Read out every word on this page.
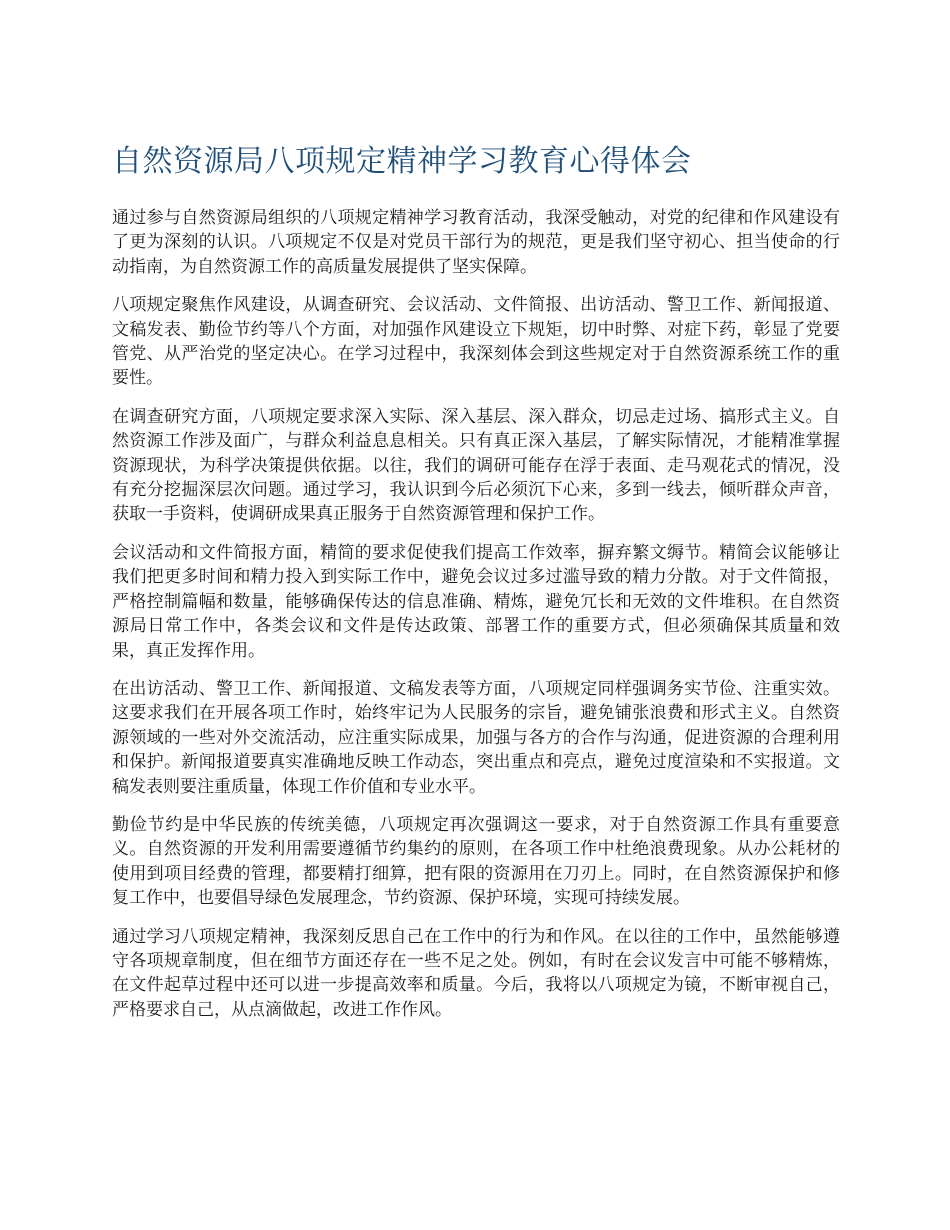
自然资源局八项规定精神学习教育心得体会

通过参与自然资源局组织的八项规定精神学习教育活动，我深受触动，对党的纪律和作风建设有了更为深刻的认识。八项规定不仅是对党员干部行为的规范，更是我们坚守初心、担当使命的行动指南，为自然资源工作的高质量发展提供了坚实保障。

八项规定聚焦作风建设，从调查研究、会议活动、文件简报、出访活动、警卫工作、新闻报道、文稿发表、勤俭节约等八个方面，对加强作风建设立下规矩，切中时弊、对症下药，彰显了党要管党、从严治党的坚定决心。在学习过程中，我深刻体会到这些规定对于自然资源系统工作的重要性。

在调查研究方面，八项规定要求深入实际、深入基层、深入群众，切忌走过场、搞形式主义。自然资源工作涉及面广，与群众利益息息相关。只有真正深入基层，了解实际情况，才能精准掌握资源现状，为科学决策提供依据。以往，我们的调研可能存在浮于表面、走马观花式的情况，没有充分挖掘深层次问题。通过学习，我认识到今后必须沉下心来，多到一线去，倾听群众声音，获取一手资料，使调研成果真正服务于自然资源管理和保护工作。

会议活动和文件简报方面，精简的要求促使我们提高工作效率，摒弃繁文缛节。精简会议能够让我们把更多时间和精力投入到实际工作中，避免会议过多过滥导致的精力分散。对于文件简报，严格控制篇幅和数量，能够确保传达的信息准确、精炼，避免冗长和无效的文件堆积。在自然资源局日常工作中，各类会议和文件是传达政策、部署工作的重要方式，但必须确保其质量和效果，真正发挥作用。

在出访活动、警卫工作、新闻报道、文稿发表等方面，八项规定同样强调务实节俭、注重实效。这要求我们在开展各项工作时，始终牢记为人民服务的宗旨，避免铺张浪费和形式主义。自然资源领域的一些对外交流活动，应注重实际成果，加强与各方的合作与沟通，促进资源的合理利用和保护。新闻报道要真实准确地反映工作动态，突出重点和亮点，避免过度渲染和不实报道。文稿发表则要注重质量，体现工作价值和专业水平。

勤俭节约是中华民族的传统美德，八项规定再次强调这一要求，对于自然资源工作具有重要意义。自然资源的开发利用需要遵循节约集约的原则，在各项工作中杜绝浪费现象。从办公耗材的使用到项目经费的管理，都要精打细算，把有限的资源用在刀刃上。同时，在自然资源保护和修复工作中，也要倡导绿色发展理念，节约资源、保护环境，实现可持续发展。

通过学习八项规定精神，我深刻反思自己在工作中的行为和作风。在以往的工作中，虽然能够遵守各项规章制度，但在细节方面还存在一些不足之处。例如，有时在会议发言中可能不够精炼，在文件起草过程中还可以进一步提高效率和质量。今后，我将以八项规定为镜，不断审视自己，严格要求自己，从点滴做起，改进工作作风。
